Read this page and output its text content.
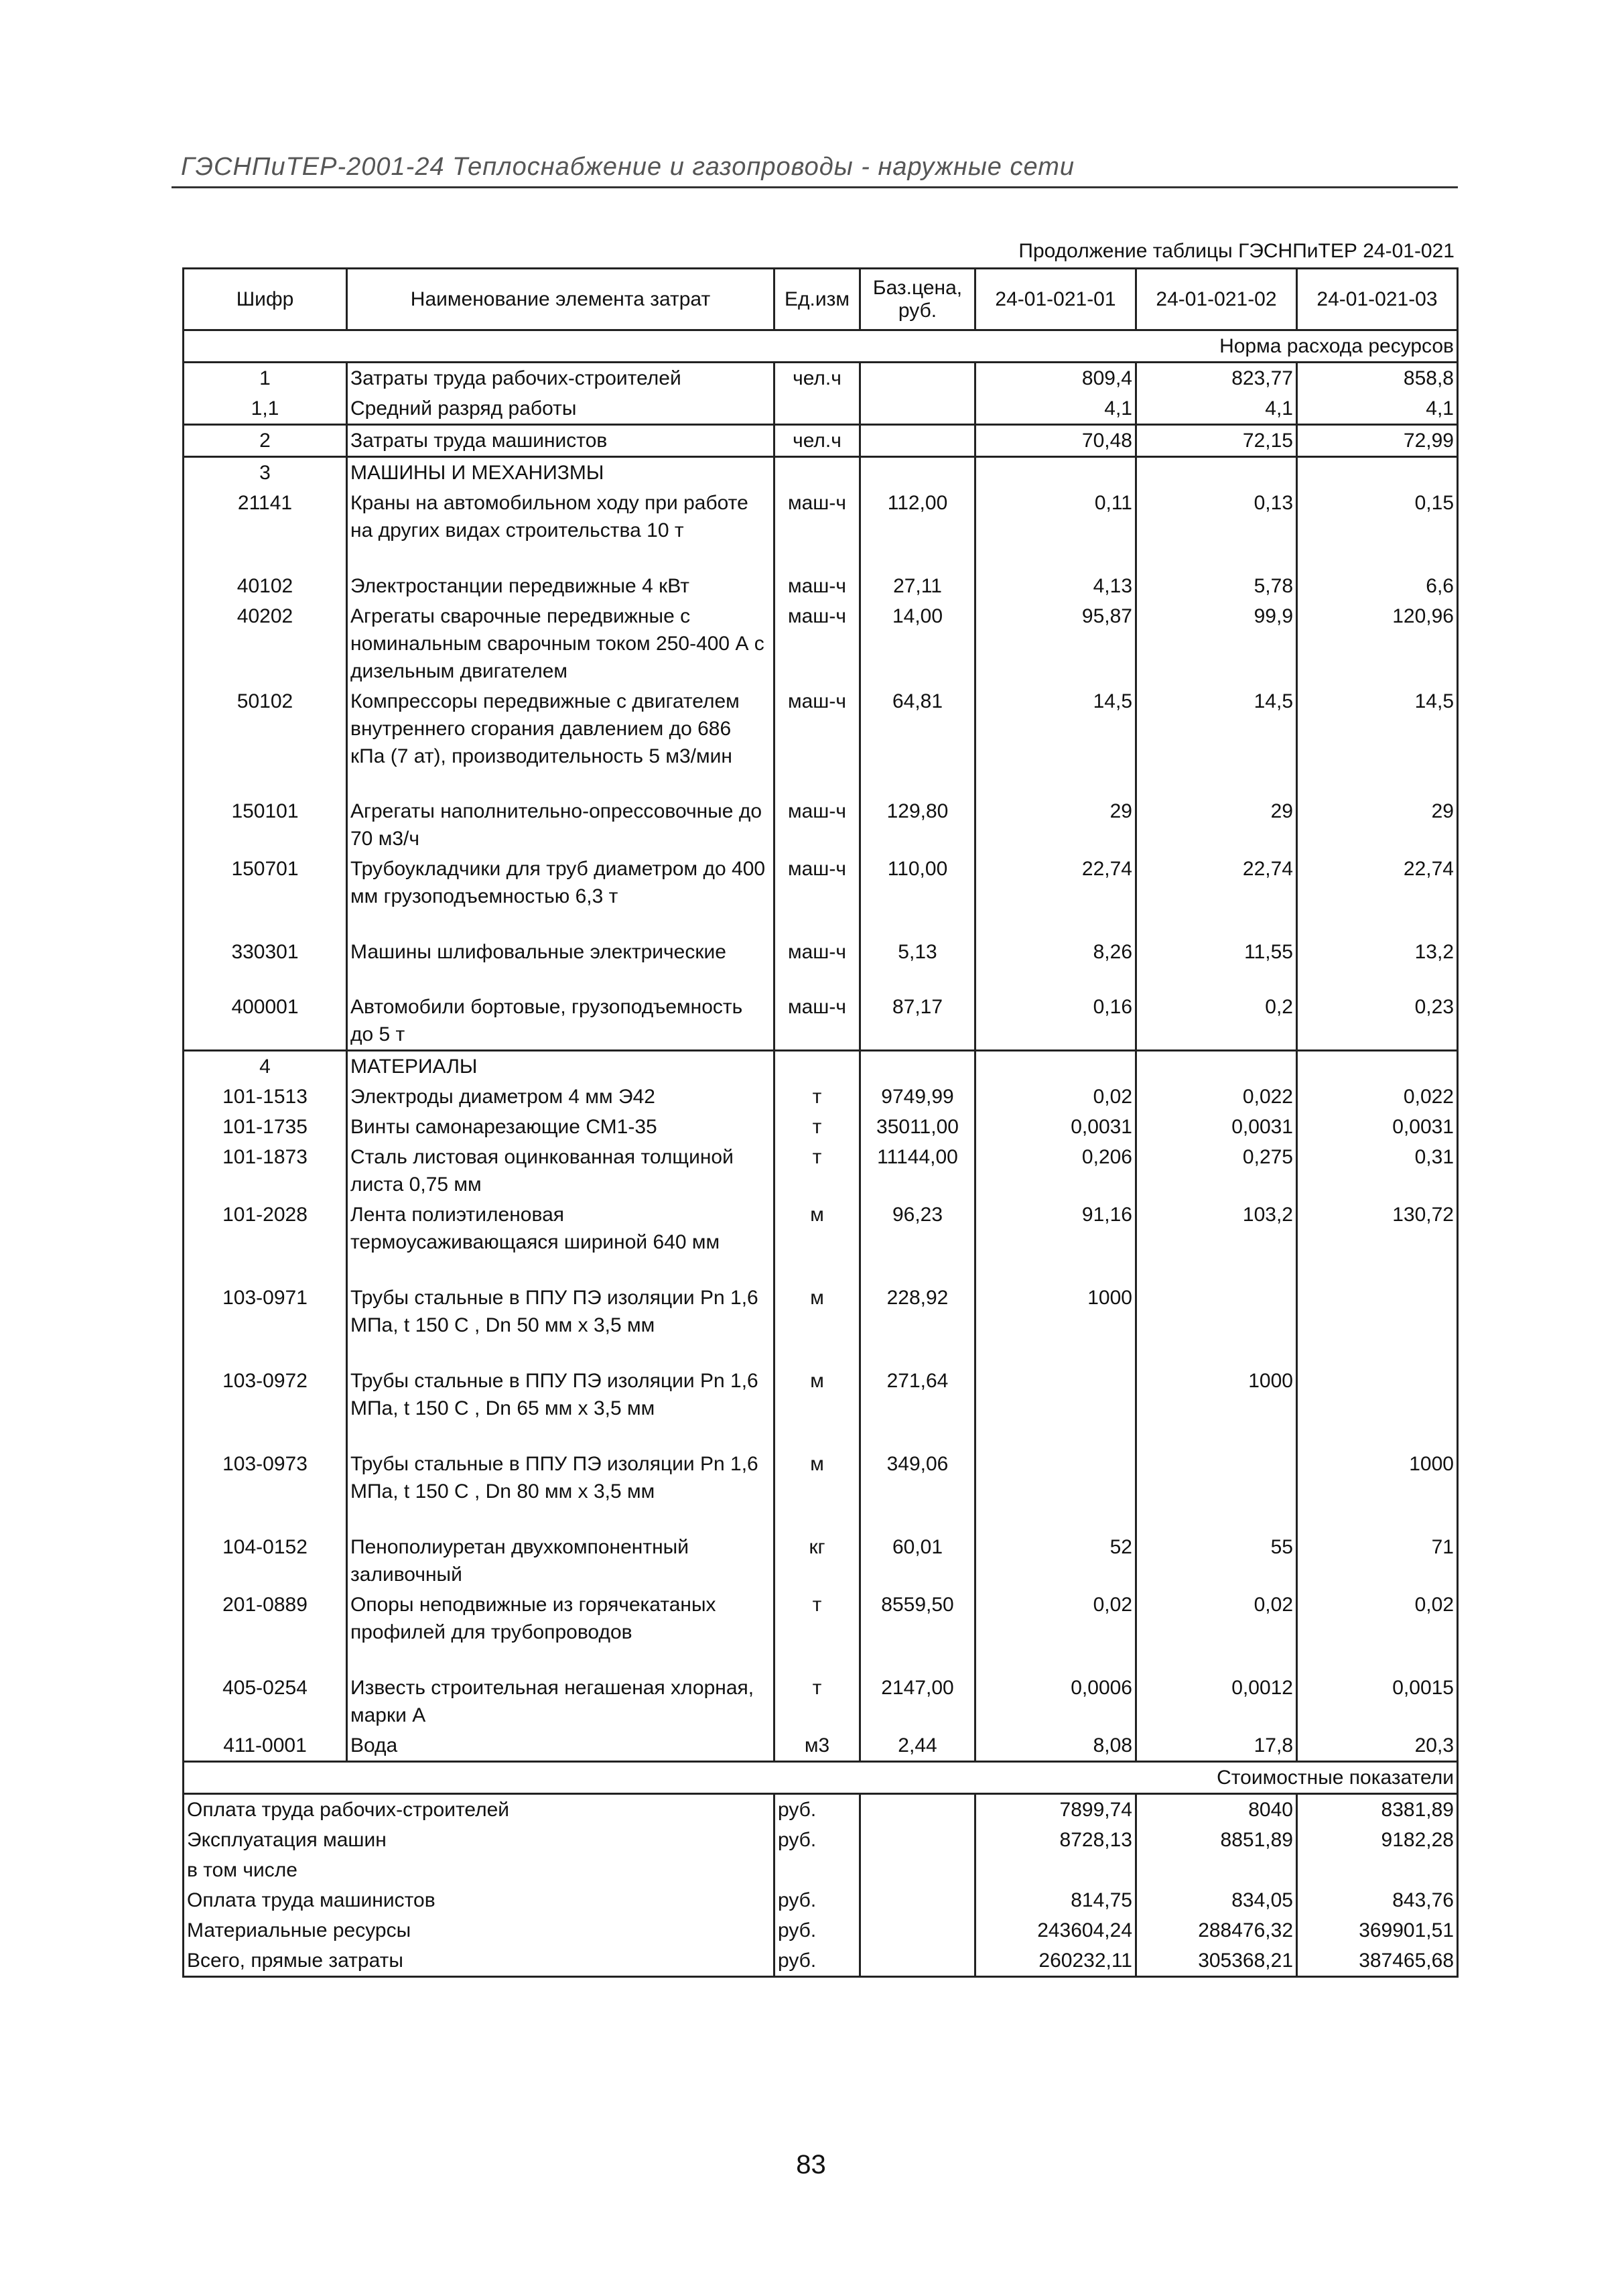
ГЭСНПиТЕР-2001-24 Теплоснабжение и газопроводы - наружные сети
Продолжение таблицы ГЭСНПиТЕР 24-01-021
Шифр	Наименование элемента затрат	Ед.изм	Баз.цена, руб.	24-01-021-01	24-01-021-02	24-01-021-03
Норма расхода ресурсов						
1	Затраты труда рабочих-строителей	чел.ч		809,4	823,77	858,8
1,1	Средний разряд работы			4,1	4,1	4,1
2	Затраты труда машинистов	чел.ч		70,48	72,15	72,99
3	МАШИНЫ И МЕХАНИЗМЫ					
21141	Краны на автомобильном ходу при работе на других видах строительства 10 т	маш-ч	112,00	0,11	0,13	0,15
40102	Электростанции передвижные 4 кВт	маш-ч	27,11	4,13	5,78	6,6
40202	Агрегаты сварочные передвижные с номинальным сварочным током 250-400 А с дизельным двигателем	маш-ч	14,00	95,87	99,9	120,96
50102	Компрессоры передвижные с двигателем внутреннего сгорания давлением до 686 кПа (7 ат), производительность 5 м3/мин	маш-ч	64,81	14,5	14,5	14,5
150101	Агрегаты наполнительно-опрессовочные до 70 м3/ч	маш-ч	129,80	29	29	29
150701	Трубоукладчики для труб диаметром до 400 мм грузоподъемностью 6,3 т	маш-ч	110,00	22,74	22,74	22,74
330301	Машины шлифовальные электрические	маш-ч	5,13	8,26	11,55	13,2
400001	Автомобили бортовые, грузоподъемность до 5 т	маш-ч	87,17	0,16	0,2	0,23
4	МАТЕРИАЛЫ					
101-1513	Электроды диаметром 4 мм Э42	т	9749,99	0,02	0,022	0,022
101-1735	Винты самонарезающие СМ1-35	т	35011,00	0,0031	0,0031	0,0031
101-1873	Сталь листовая оцинкованная толщиной листа 0,75 мм	т	11144,00	0,206	0,275	0,31
101-2028	Лента полиэтиленовая термоусаживающаяся шириной 640 мм	м	96,23	91,16	103,2	130,72
103-0971	Трубы стальные в ППУ ПЭ изоляции Pn 1,6 МПа, t 150 С , Dn 50 мм х 3,5 мм	м	228,92	1000		
103-0972	Трубы стальные в ППУ ПЭ изоляции Pn 1,6 МПа, t 150 С , Dn 65 мм х 3,5 мм	м	271,64		1000	
103-0973	Трубы стальные в ППУ ПЭ изоляции Pn 1,6 МПа, t 150 С , Dn 80 мм х 3,5 мм	м	349,06			1000
104-0152	Пенополиуретан двухкомпонентный заливочный	кг	60,01	52	55	71
201-0889	Опоры неподвижные из горячекатаных профилей для трубопроводов	т	8559,50	0,02	0,02	0,02
405-0254	Известь строительная негашеная хлорная, марки А	т	2147,00	0,0006	0,0012	0,0015
411-0001	Вода	м3	2,44	8,08	17,8	20,3
Стоимостные показатели						
Оплата труда рабочих-строителей		руб.		7899,74	8040	8381,89
Эксплуатация машин		руб.		8728,13	8851,89	9182,28
в том числе						
Оплата труда машинистов		руб.		814,75	834,05	843,76
Материальные ресурсы		руб.		243604,24	288476,32	369901,51
Всего, прямые затраты		руб.		260232,11	305368,21	387465,68
83
